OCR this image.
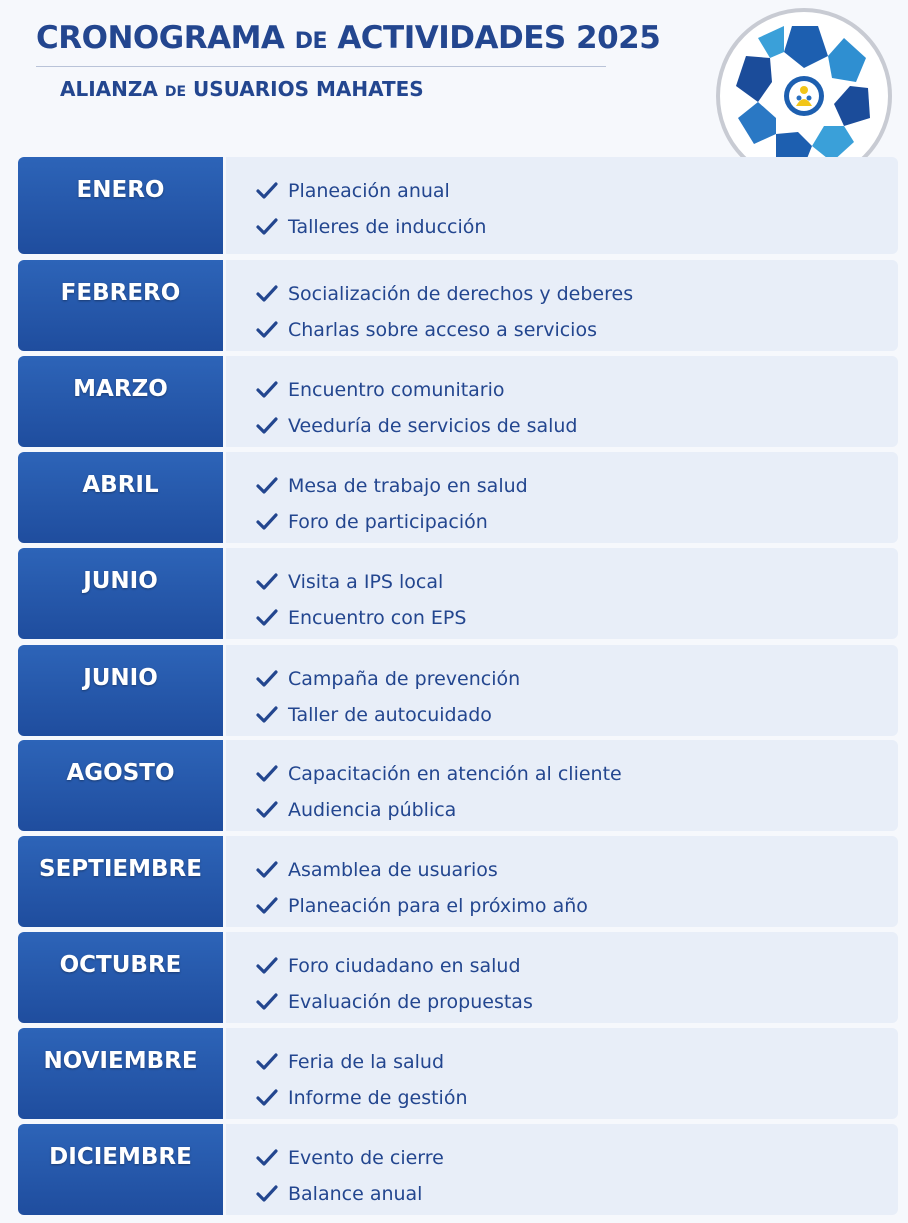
CRONOGRAMA DE ACTIVIDADES 2025
ALIANZA DE USUARIOS MAHATES
ENERO	Planeación anual
Talleres de inducción
FEBRERO	Socialización de derechos y deberes
Charlas sobre acceso a servicios
MARZO	Encuentro comunitario
Veeduría de servicios de salud
ABRIL	Mesa de trabajo en salud
Foro de participación
JUNIO	Visita a IPS local
Encuentro con EPS
JUNIO	Campaña de prevención
Taller de autocuidado
AGOSTO	Capacitación en atención al cliente
Audiencia pública
SEPTIEMBRE	Asamblea de usuarios
Planeación para el próximo año
OCTUBRE	Foro ciudadano en salud
Evaluación de propuestas
NOVIEMBRE	Feria de la salud
Informe de gestión
DICIEMBRE	Evento de cierre
Balance anual
